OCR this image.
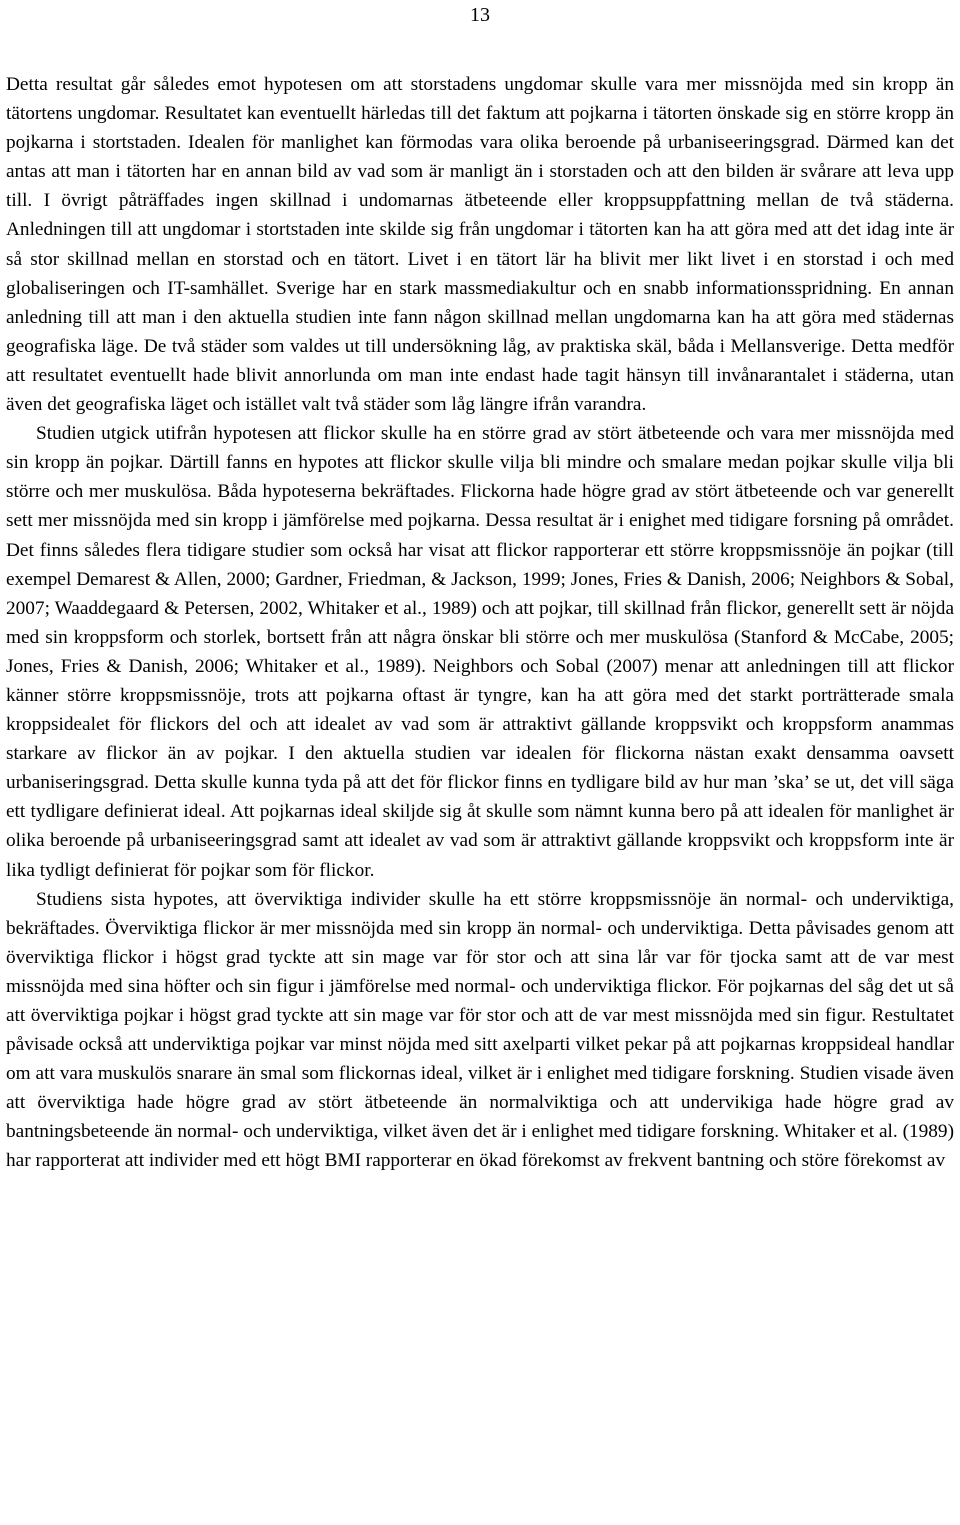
13

Detta resultat går således emot hypotesen om att storstadens ungdomar skulle vara mer missnöjda med sin kropp än tätortens ungdomar. Resultatet kan eventuellt härledas till det faktum att pojkarna i tätorten önskade sig en större kropp än pojkarna i stortstaden. Idealen för manlighet kan förmodas vara olika beroende på urbaniseeringsgrad. Därmed kan det antas att man i tätorten har en annan bild av vad som är manligt än i storstaden och att den bilden är svårare att leva upp till. I övrigt påträffades ingen skillnad i undomarnas ätbeteende eller kroppsuppfattning mellan de två städerna. Anledningen till att ungdomar i stortstaden inte skilde sig från ungdomar i tätorten kan ha att göra med att det idag inte är så stor skillnad mellan en storstad och en tätort. Livet i en tätort lär ha blivit mer likt livet i en storstad i och med globaliseringen och IT-samhället. Sverige har en stark massmediakultur och en snabb informationsspridning. En annan anledning till att man i den aktuella studien inte fann någon skillnad mellan ungdomarna kan ha att göra med städernas geografiska läge. De två städer som valdes ut till undersökning låg, av praktiska skäl, båda i Mellansverige. Detta medför att resultatet eventuellt hade blivit annorlunda om man inte endast hade tagit hänsyn till invånarantalet i städerna, utan även det geografiska läget och istället valt två städer som låg längre ifrån varandra.

Studien utgick utifrån hypotesen att flickor skulle ha en större grad av stört ätbeteende och vara mer missnöjda med sin kropp än pojkar. Därtill fanns en hypotes att flickor skulle vilja bli mindre och smalare medan pojkar skulle vilja bli större och mer muskulösa. Båda hypoteserna bekräftades. Flickorna hade högre grad av stört ätbeteende och var generellt sett mer missnöjda med sin kropp i jämförelse med pojkarna. Dessa resultat är i enighet med tidigare forsning på området. Det finns således flera tidigare studier som också har visat att flickor rapporterar ett större kroppsmissnöje än pojkar (till exempel Demarest & Allen, 2000; Gardner, Friedman, & Jackson, 1999; Jones, Fries & Danish, 2006; Neighbors & Sobal, 2007; Waaddegaard & Petersen, 2002, Whitaker et al., 1989) och att pojkar, till skillnad från flickor, generellt sett är nöjda med sin kroppsform och storlek, bortsett från att några önskar bli större och mer muskulösa (Stanford & McCabe, 2005; Jones, Fries & Danish, 2006; Whitaker et al., 1989). Neighbors och Sobal (2007) menar att anledningen till att flickor känner större kroppsmissnöje, trots att pojkarna oftast är tyngre, kan ha att göra med det starkt porträtterade smala kroppsidealet för flickors del och att idealet av vad som är attraktivt gällande kroppsvikt och kroppsform anammas starkare av flickor än av pojkar. I den aktuella studien var idealen för flickorna nästan exakt densamma oavsett urbaniseringsgrad. Detta skulle kunna tyda på att det för flickor finns en tydligare bild av hur man ’ska’ se ut, det vill säga ett tydligare definierat ideal. Att pojkarnas ideal skiljde sig åt skulle som nämnt kunna bero på att idealen för manlighet är olika beroende på urbaniseeringsgrad samt att idealet av vad som är attraktivt gällande kroppsvikt och kroppsform inte är lika tydligt definierat för pojkar som för flickor.

Studiens sista hypotes, att överviktiga individer skulle ha ett större kroppsmissnöje än normal- och underviktiga, bekräftades. Överviktiga flickor är mer missnöjda med sin kropp än normal- och underviktiga. Detta påvisades genom att överviktiga flickor i högst grad tyckte att sin mage var för stor och att sina lår var för tjocka samt att de var mest missnöjda med sina höfter och sin figur i jämförelse med normal- och underviktiga flickor. För pojkarnas del såg det ut så att överviktiga pojkar i högst grad tyckte att sin mage var för stor och att de var mest missnöjda med sin figur. Restultatet påvisade också att underviktiga pojkar var minst nöjda med sitt axelparti vilket pekar på att pojkarnas kroppsideal handlar om att vara muskulös snarare än smal som flickornas ideal, vilket är i enlighet med tidigare forskning. Studien visade även att överviktiga hade högre grad av stört ätbeteende än normalviktiga och att undervikiga hade högre grad av bantningsbeteende än normal- och underviktiga, vilket även det är i enlighet med tidigare forskning. Whitaker et al. (1989) har rapporterat att individer med ett högt BMI rapporterar en ökad förekomst av frekvent bantning och störe förekomst av
